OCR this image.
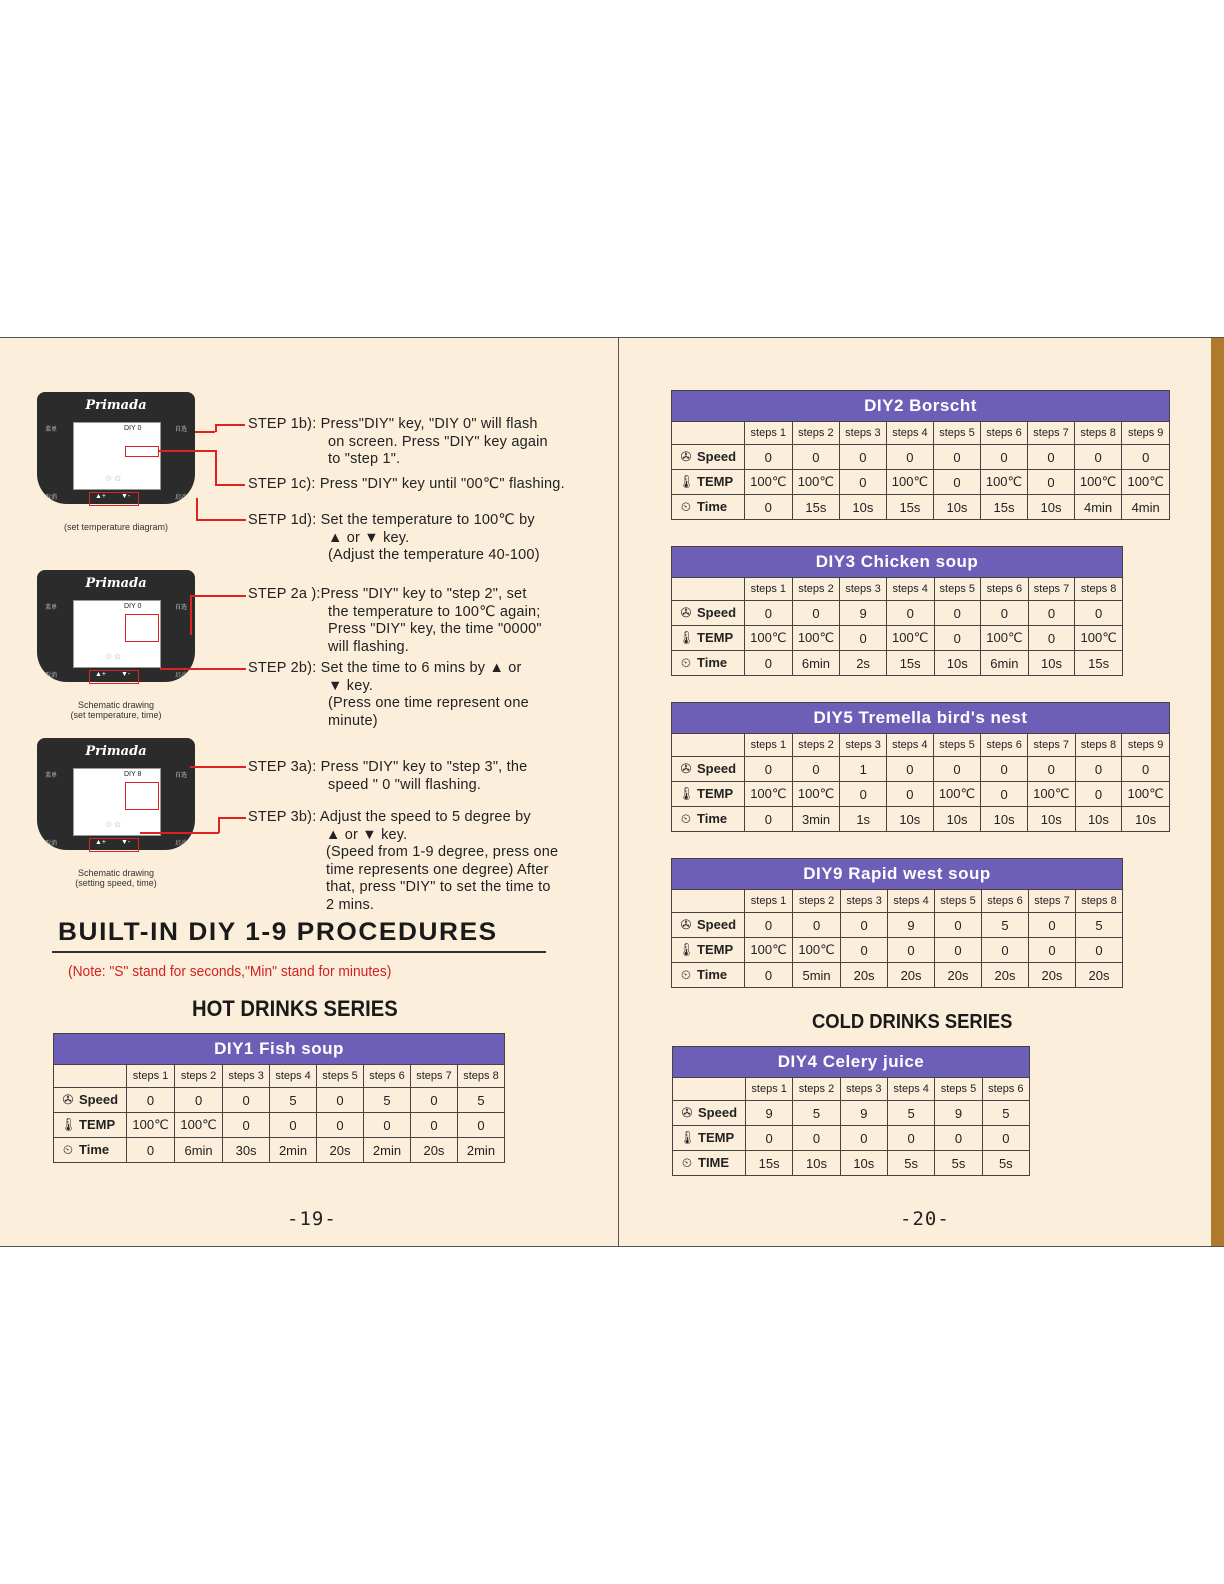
Primada
菜单	自选
DIY 0
⚙ ✿
取消	▲+ ▼-	启动
(set temperature diagram)
Primada
菜单	自选
DIY 0
⚙ ✿
取消	▲+ ▼-	启动
Schematic drawing
(set temperature, time)
Primada
菜单	自选
DIY 8
⚙ ✿
取消	▲+ ▼-	启动
Schematic drawing
(setting speed, time)
STEP 1b): Press"DIY" key, "DIY 0" will flash
on screen. Press "DIY" key again
to "step 1".
STEP 1c): Press "DIY" key until "00℃" flashing.
SETP 1d): Set the temperature to 100℃ by
▲ or ▼ key.
(Adjust the temperature 40-100)
STEP 2a ):Press "DIY" key to "step 2", set
the temperature to 100℃ again;
Press "DIY" key, the time "0000"
will flashing.
STEP 2b): Set the time to 6 mins by ▲ or
▼ key.
(Press one time represent one
minute)
STEP 3a): Press "DIY" key to "step 3", the
speed " 0 "will flashing.
STEP 3b): Adjust the speed to 5 degree by
▲ or ▼ key.
(Speed from 1-9 degree, press one
time represents one degree) After
that, press "DIY" to set the time to
2 mins.
BUILT-IN DIY 1-9 PROCEDURES
(Note: "S" stand for seconds,"Min" stand for minutes)
HOT DRINKS SERIES
DIY1 Fish soup								
	steps 1	steps 2	steps 3	steps 4	steps 5	steps 6	steps 7	steps 8
✇ Speed	0	0	0	5	0	5	0	5
🌡 TEMP	100℃	100℃	0	0	0	0	0	0
⏲ Time	0	6min	30s	2min	20s	2min	20s	2min
-19-
DIY2 Borscht									
	steps 1	steps 2	steps 3	steps 4	steps 5	steps 6	steps 7	steps 8	steps 9
✇ Speed	0	0	0	0	0	0	0	0	0
🌡 TEMP	100℃	100℃	0	100℃	0	100℃	0	100℃	100℃
⏲ Time	0	15s	10s	15s	10s	15s	10s	4min	4min
DIY3 Chicken soup								
	steps 1	steps 2	steps 3	steps 4	steps 5	steps 6	steps 7	steps 8
✇ Speed	0	0	9	0	0	0	0	0
🌡 TEMP	100℃	100℃	0	100℃	0	100℃	0	100℃
⏲ Time	0	6min	2s	15s	10s	6min	10s	15s
DIY5 Tremella bird's nest									
	steps 1	steps 2	steps 3	steps 4	steps 5	steps 6	steps 7	steps 8	steps 9
✇ Speed	0	0	1	0	0	0	0	0	0
🌡 TEMP	100℃	100℃	0	0	100℃	0	100℃	0	100℃
⏲ Time	0	3min	1s	10s	10s	10s	10s	10s	10s
DIY9 Rapid west soup								
	steps 1	steps 2	steps 3	steps 4	steps 5	steps 6	steps 7	steps 8
✇ Speed	0	0	0	9	0	5	0	5
🌡 TEMP	100℃	100℃	0	0	0	0	0	0
⏲ Time	0	5min	20s	20s	20s	20s	20s	20s
COLD DRINKS SERIES
DIY4 Celery juice						
	steps 1	steps 2	steps 3	steps 4	steps 5	steps 6
✇ Speed	9	5	9	5	9	5
🌡 TEMP	0	0	0	0	0	0
⏲ TIME	15s	10s	10s	5s	5s	5s
-20-
